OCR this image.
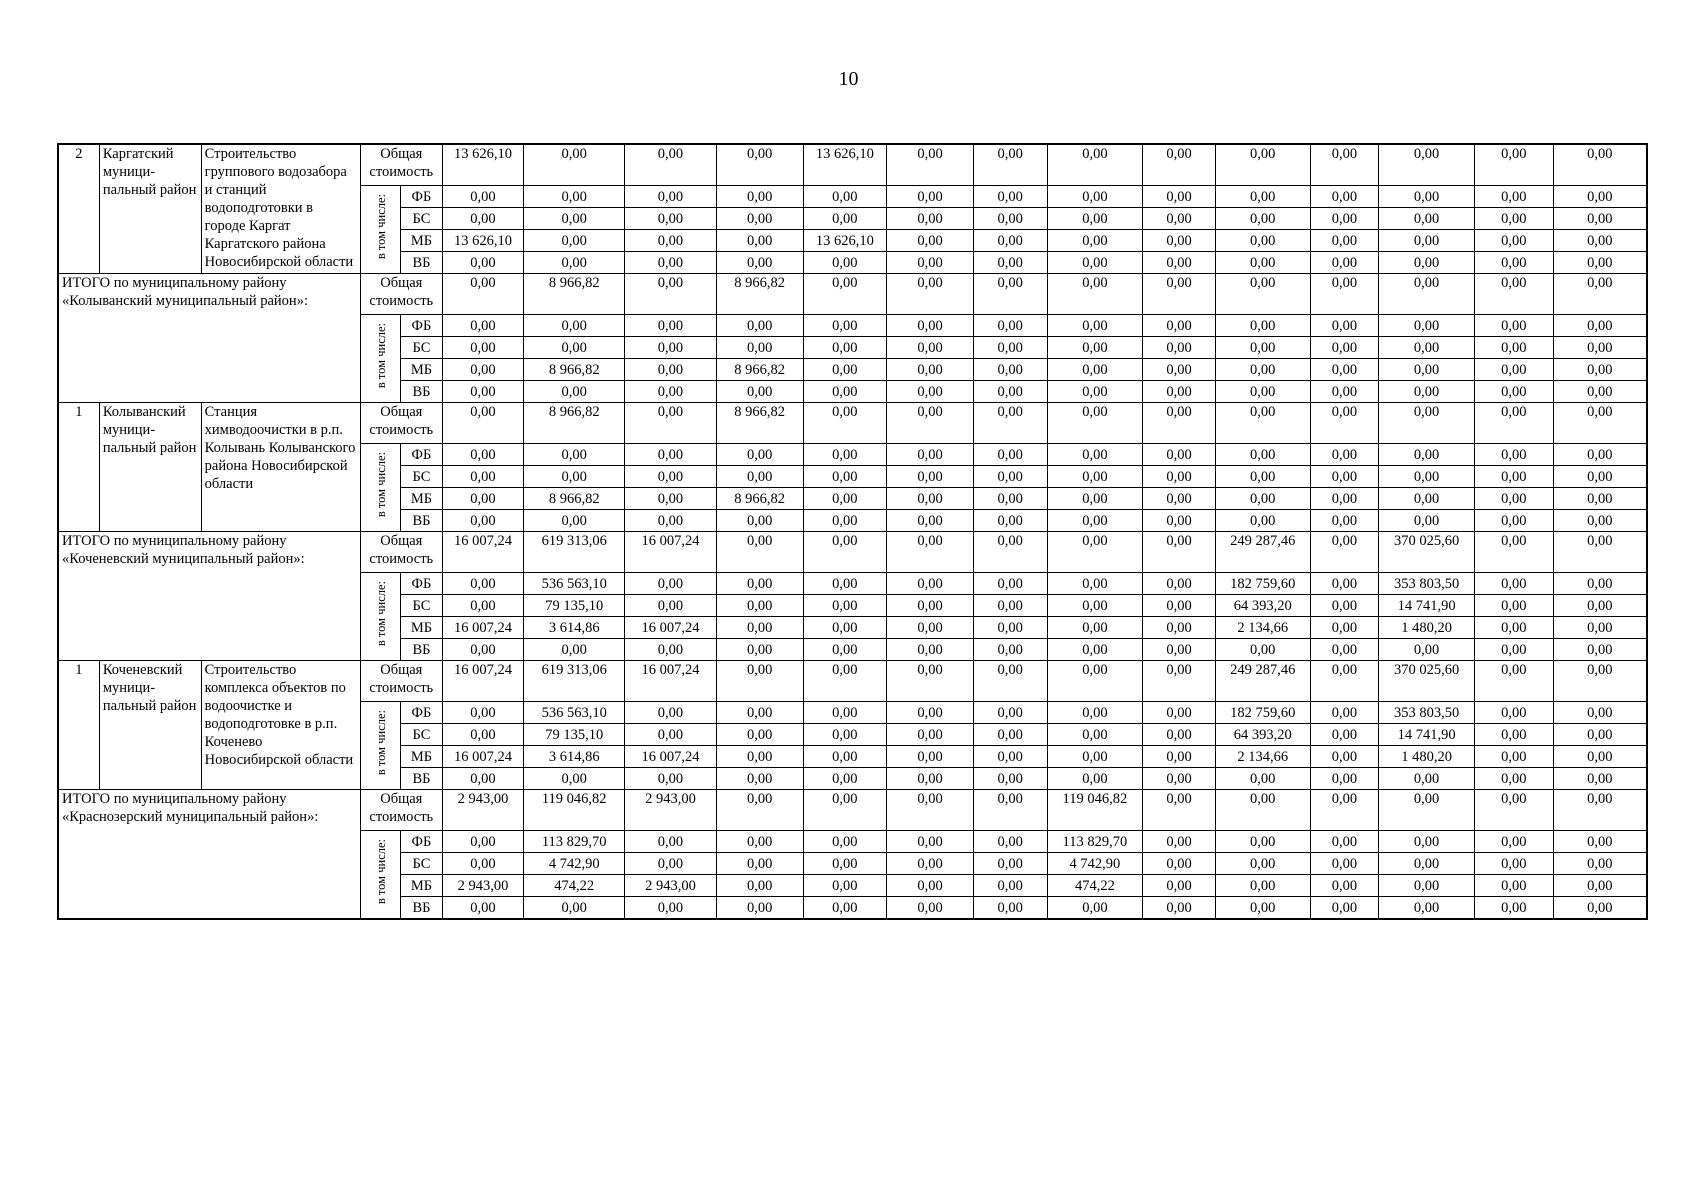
10
2	Каргатский муници-пальный район	Строительство группового водозабора и станций водоподготовки в городе Каргат Каргатского района Новосибирской области	Общая стоимость		13 626,10	0,00	0,00	0,00	13 626,10	0,00	0,00	0,00	0,00	0,00	0,00	0,00	0,00	0,00
			в том числе:	ФБ	0,00	0,00	0,00	0,00	0,00	0,00	0,00	0,00	0,00	0,00	0,00	0,00	0,00	0,00
				БС	0,00	0,00	0,00	0,00	0,00	0,00	0,00	0,00	0,00	0,00	0,00	0,00	0,00	0,00
				МБ	13 626,10	0,00	0,00	0,00	13 626,10	0,00	0,00	0,00	0,00	0,00	0,00	0,00	0,00	0,00
				ВБ	0,00	0,00	0,00	0,00	0,00	0,00	0,00	0,00	0,00	0,00	0,00	0,00	0,00	0,00
ИТОГО по муниципальному району «Колыванский муниципальный район»:			Общая стоимость		0,00	8 966,82	0,00	8 966,82	0,00	0,00	0,00	0,00	0,00	0,00	0,00	0,00	0,00	0,00
			в том числе:	ФБ	0,00	0,00	0,00	0,00	0,00	0,00	0,00	0,00	0,00	0,00	0,00	0,00	0,00	0,00
				БС	0,00	0,00	0,00	0,00	0,00	0,00	0,00	0,00	0,00	0,00	0,00	0,00	0,00	0,00
				МБ	0,00	8 966,82	0,00	8 966,82	0,00	0,00	0,00	0,00	0,00	0,00	0,00	0,00	0,00	0,00
				ВБ	0,00	0,00	0,00	0,00	0,00	0,00	0,00	0,00	0,00	0,00	0,00	0,00	0,00	0,00
1	Колыванский муници-пальный район	Станция химводоочистки в р.п. Колывань Колыванского района Новосибирской области	Общая стоимость		0,00	8 966,82	0,00	8 966,82	0,00	0,00	0,00	0,00	0,00	0,00	0,00	0,00	0,00	0,00
			в том числе:	ФБ	0,00	0,00	0,00	0,00	0,00	0,00	0,00	0,00	0,00	0,00	0,00	0,00	0,00	0,00
				БС	0,00	0,00	0,00	0,00	0,00	0,00	0,00	0,00	0,00	0,00	0,00	0,00	0,00	0,00
				МБ	0,00	8 966,82	0,00	8 966,82	0,00	0,00	0,00	0,00	0,00	0,00	0,00	0,00	0,00	0,00
				ВБ	0,00	0,00	0,00	0,00	0,00	0,00	0,00	0,00	0,00	0,00	0,00	0,00	0,00	0,00
ИТОГО по муниципальному району «Коченевский муниципальный район»:			Общая стоимость		16 007,24	619 313,06	16 007,24	0,00	0,00	0,00	0,00	0,00	0,00	249 287,46	0,00	370 025,60	0,00	0,00
			в том числе:	ФБ	0,00	536 563,10	0,00	0,00	0,00	0,00	0,00	0,00	0,00	182 759,60	0,00	353 803,50	0,00	0,00
				БС	0,00	79 135,10	0,00	0,00	0,00	0,00	0,00	0,00	0,00	64 393,20	0,00	14 741,90	0,00	0,00
				МБ	16 007,24	3 614,86	16 007,24	0,00	0,00	0,00	0,00	0,00	0,00	2 134,66	0,00	1 480,20	0,00	0,00
				ВБ	0,00	0,00	0,00	0,00	0,00	0,00	0,00	0,00	0,00	0,00	0,00	0,00	0,00	0,00
1	Коченевский муници-пальный район	Строительство комплекса объектов по водоочистке и водоподготовке в р.п. Коченево Новосибирской области	Общая стоимость		16 007,24	619 313,06	16 007,24	0,00	0,00	0,00	0,00	0,00	0,00	249 287,46	0,00	370 025,60	0,00	0,00
			в том числе:	ФБ	0,00	536 563,10	0,00	0,00	0,00	0,00	0,00	0,00	0,00	182 759,60	0,00	353 803,50	0,00	0,00
				БС	0,00	79 135,10	0,00	0,00	0,00	0,00	0,00	0,00	0,00	64 393,20	0,00	14 741,90	0,00	0,00
				МБ	16 007,24	3 614,86	16 007,24	0,00	0,00	0,00	0,00	0,00	0,00	2 134,66	0,00	1 480,20	0,00	0,00
				ВБ	0,00	0,00	0,00	0,00	0,00	0,00	0,00	0,00	0,00	0,00	0,00	0,00	0,00	0,00
ИТОГО по муниципальному району «Краснозерский муниципальный район»:			Общая стоимость		2 943,00	119 046,82	2 943,00	0,00	0,00	0,00	0,00	119 046,82	0,00	0,00	0,00	0,00	0,00	0,00
			в том числе:	ФБ	0,00	113 829,70	0,00	0,00	0,00	0,00	0,00	113 829,70	0,00	0,00	0,00	0,00	0,00	0,00
				БС	0,00	4 742,90	0,00	0,00	0,00	0,00	0,00	4 742,90	0,00	0,00	0,00	0,00	0,00	0,00
				МБ	2 943,00	474,22	2 943,00	0,00	0,00	0,00	0,00	474,22	0,00	0,00	0,00	0,00	0,00	0,00
				ВБ	0,00	0,00	0,00	0,00	0,00	0,00	0,00	0,00	0,00	0,00	0,00	0,00	0,00	0,00
